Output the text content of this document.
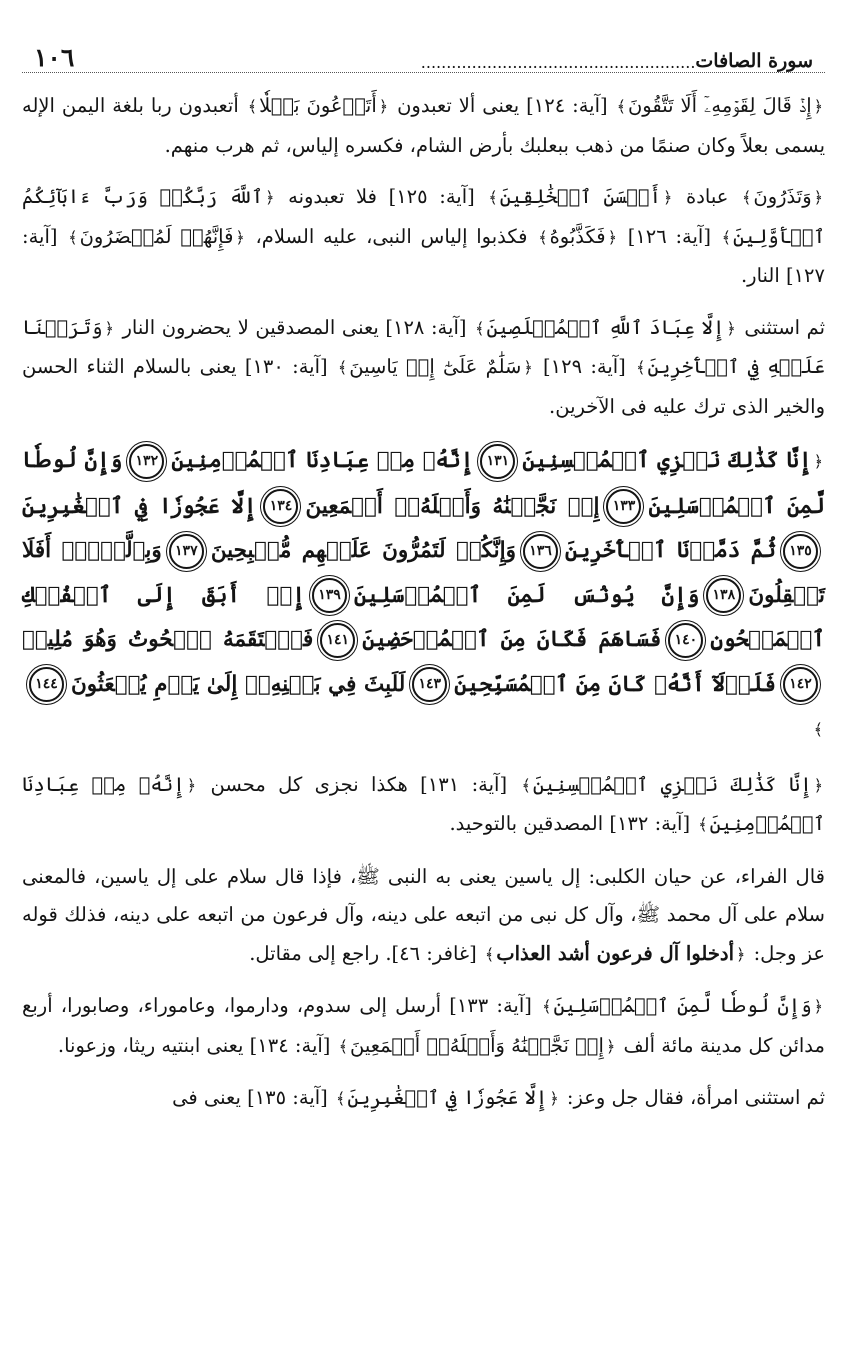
سورة الصافات
......................................................
١٠٦

﴿إِذۡ قَالَ لِقَوۡمِهِۦٓ أَلَا تَتَّقُونَ﴾ [آية: ١٢٤] يعنى ألا تعبدون ﴿أَتَدۡعُونَ بَعۡلٗا﴾ أتعبدون ربا بلغة اليمن الإله يسمى بعلاً وكان صنمًا من ذهب ببعلبك بأرض الشام، فكسره إلياس، ثم هرب منهم.

﴿وَتَذَرُونَ﴾ عبادة ﴿أَحۡسَنَ ٱلۡخَٰلِقِينَ﴾ [آية: ١٢٥] فلا تعبدونه ﴿ٱللَّهَ رَبَّكُمۡ وَرَبَّ ءَابَآئِكُمُ ٱلۡأَوَّلِينَ﴾ [آية: ١٢٦] ﴿فَكَذَّبُوهُ﴾ فكذبوا إلياس النبى، عليه السلام، ﴿فَإِنَّهُمۡ لَمُحۡضَرُونَ﴾ [آية: ١٢٧] النار.

ثم استثنى ﴿إِلَّا عِبَادَ ٱللَّهِ ٱلۡمُخۡلَصِينَ﴾ [آية: ١٢٨] يعنى المصدقين لا يحضرون النار ﴿وَتَرَكۡنَا عَلَيۡهِ فِي ٱلۡأٓخِرِينَ﴾ [آية: ١٢٩] ﴿سَلَٰمٌ عَلَىٰٓ إِلۡ يَاسِينَ﴾ [آية: ١٣٠] يعنى بالسلام الثناء الحسن والخير الذى ترك عليه فى الآخرين.

﴿إِنَّا كَذَٰلِكَ نَجۡزِي ٱلۡمُحۡسِنِينَ١٣١إِنَّهُۥ مِنۡ عِبَادِنَا ٱلۡمُؤۡمِنِينَ١٣٢وَإِنَّ لُوطٗا لَّمِنَ ٱلۡمُرۡسَلِينَ١٣٣إِذۡ نَجَّيۡنَٰهُ وَأَهۡلَهُۥٓ أَجۡمَعِينَ١٣٤إِلَّا عَجُوزٗا فِي ٱلۡغَٰبِرِينَ١٣٥ثُمَّ دَمَّرۡنَا ٱلۡأٓخَرِينَ١٣٦وَإِنَّكُمۡ لَتَمُرُّونَ عَلَيۡهِم مُّصۡبِحِينَ١٣٧وَبِٱلَّيۡلِۚ أَفَلَا تَعۡقِلُونَ١٣٨وَإِنَّ يُونُسَ لَمِنَ ٱلۡمُرۡسَلِينَ١٣٩إِذۡ أَبَقَ إِلَى ٱلۡفُلۡكِ ٱلۡمَشۡحُونِ١٤٠فَسَاهَمَ فَكَانَ مِنَ ٱلۡمُدۡحَضِينَ١٤١فَٱلۡتَقَمَهُ ٱلۡحُوتُ وَهُوَ مُلِيمٞ١٤٢فَلَوۡلَآ أَنَّهُۥ كَانَ مِنَ ٱلۡمُسَبِّحِينَ١٤٣لَلَبِثَ فِي بَطۡنِهِۦٓ إِلَىٰ يَوۡمِ يُبۡعَثُونَ١٤٤﴾

﴿إِنَّا كَذَٰلِكَ نَجۡزِي ٱلۡمُحۡسِنِينَ﴾ [آية: ١٣١] هكذا نجزى كل محسن ﴿إِنَّهُۥ مِنۡ عِبَادِنَا ٱلۡمُؤۡمِنِينَ﴾ [آية: ١٣٢] المصدقين بالتوحيد.

قال الفراء، عن حيان الكلبى: إل ياسين يعنى به النبى ﷺ، فإذا قال سلام على إل ياسين، فالمعنى سلام على آل محمد ﷺ، وآل كل نبى من اتبعه على دينه، وآل فرعون من اتبعه على دينه، فذلك قوله عز وجل: ﴿أدخلوا آل فرعون أشد العذاب﴾ [غافر: ٤٦]. راجع إلى مقاتل.

﴿وَإِنَّ لُوطٗا لَّمِنَ ٱلۡمُرۡسَلِينَ﴾ [آية: ١٣٣] أرسل إلى سدوم، ودارموا، وعاموراء، وصابورا، أربع مدائن كل مدينة مائة ألف ﴿إِذۡ نَجَّيۡنَٰهُ وَأَهۡلَهُۥٓ أَجۡمَعِينَ﴾ [آية: ١٣٤] يعنى ابنتيه ريثا، وزعونا.

ثم استثنى امرأة، فقال جل وعز: ﴿إِلَّا عَجُوزٗا فِي ٱلۡغَٰبِرِينَ﴾ [آية: ١٣٥] يعنى فى
